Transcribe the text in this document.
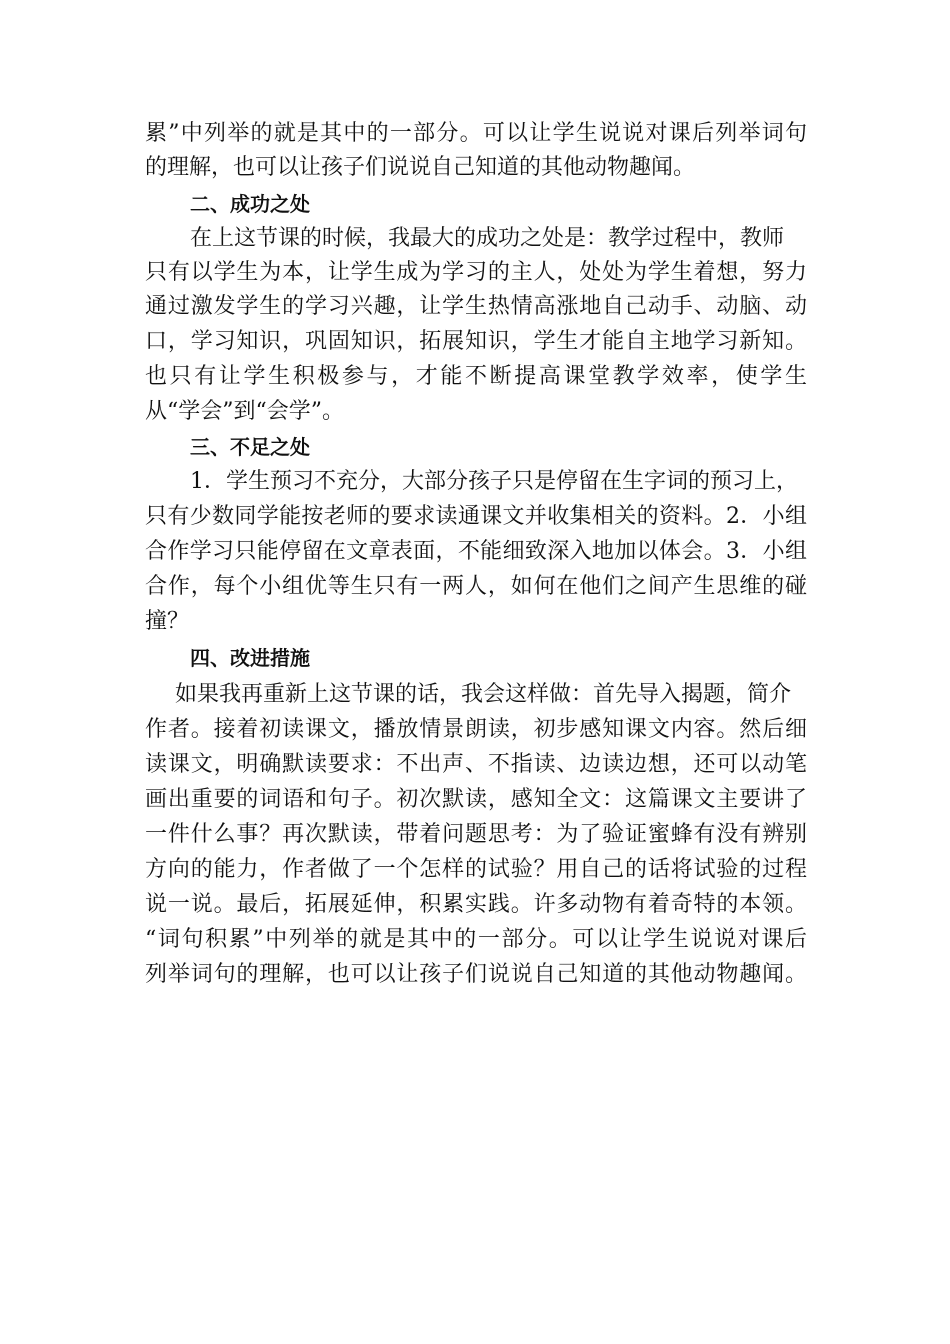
累”中列举的就是其中的一部分。可以让学生说说对课后列举词句
的理解，也可以让孩子们说说自己知道的其他动物趣闻。
二、成功之处
在上这节课的时候，我最大的成功之处是：教学过程中，教师
只有以学生为本，让学生成为学习的主人，处处为学生着想，努力
通过激发学生的学习兴趣，让学生热情高涨地自己动手、动脑、动
口，学习知识，巩固知识，拓展知识，学生才能自主地学习新知。
也只有让学生积极参与，才能不断提高课堂教学效率，使学生
从“学会”到“会学”。
三、不足之处
1．学生预习不充分，大部分孩子只是停留在生字词的预习上，
只有少数同学能按老师的要求读通课文并收集相关的资料。2．小组
合作学习只能停留在文章表面，不能细致深入地加以体会。3．小组
合作，每个小组优等生只有一两人，如何在他们之间产生思维的碰
撞？
四、改进措施
如果我再重新上这节课的话，我会这样做：首先导入揭题，简介
作者。接着初读课文，播放情景朗读，初步感知课文内容。然后细
读课文，明确默读要求：不出声、不指读、边读边想，还可以动笔
画出重要的词语和句子。初次默读，感知全文：这篇课文主要讲了
一件什么事？再次默读，带着问题思考：为了验证蜜蜂有没有辨别
方向的能力，作者做了一个怎样的试验？用自己的话将试验的过程
说一说。最后，拓展延伸，积累实践。许多动物有着奇特的本领。
“词句积累”中列举的就是其中的一部分。可以让学生说说对课后
列举词句的理解，也可以让孩子们说说自己知道的其他动物趣闻。
